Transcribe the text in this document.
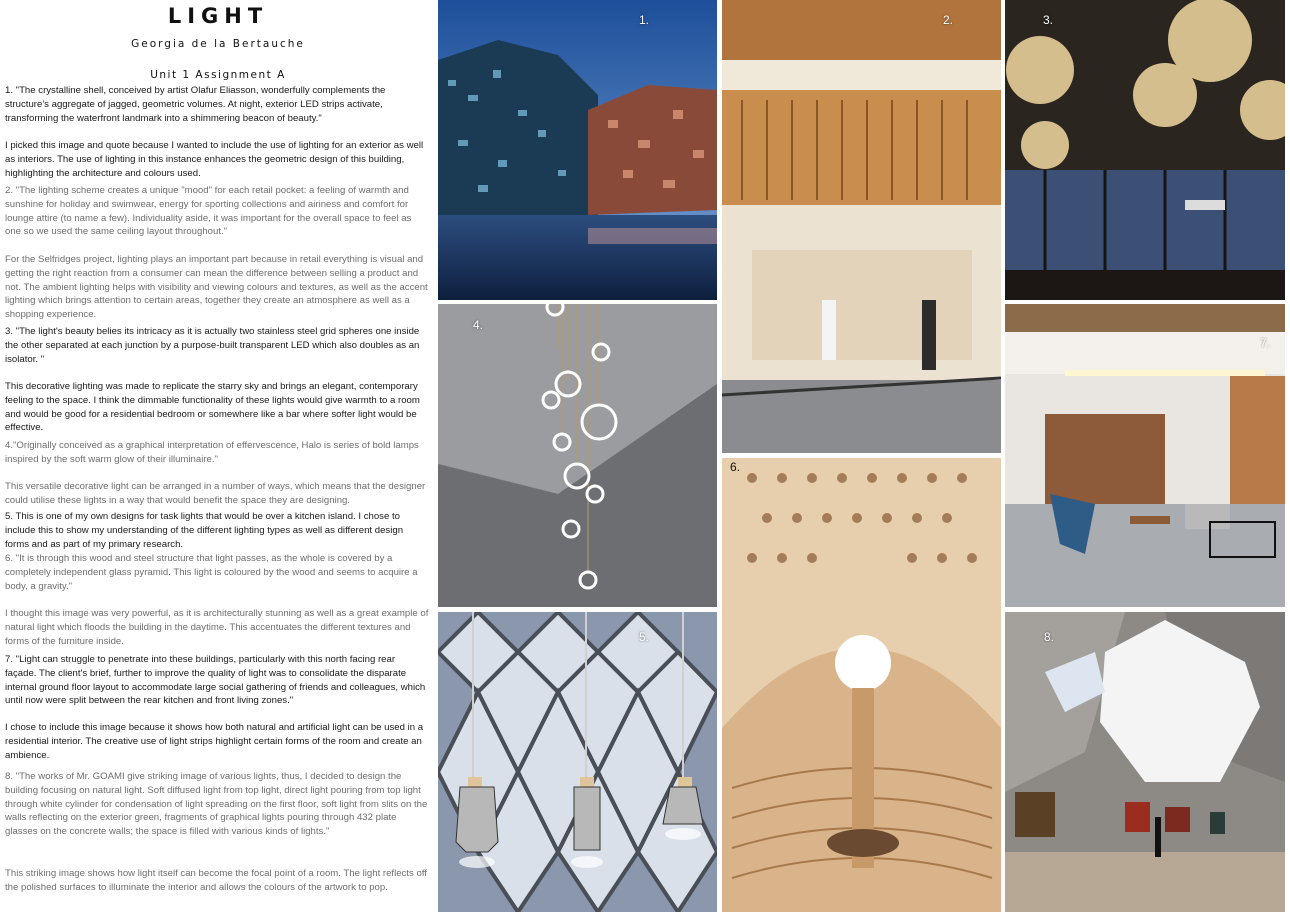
LIGHT
Georgia de la Bertauche
Unit 1 Assignment A

1. "The crystalline shell, conceived by artist Olafur Eliasson, wonderfully complements the structure's aggregate of jagged, geometric volumes. At night, exterior LED strips activate, transforming the waterfront landmark into a shimmering beacon of beauty."

I picked this image and quote because I wanted to include the use of lighting for an exterior as well as interiors. The use of lighting in this instance enhances the geometric design of this building, highlighting the architecture and colours used.

2. "The lighting scheme creates a unique "mood" for each retail pocket: a feeling of warmth and sunshine for holiday and swimwear, energy for sporting collections and airiness and comfort for lounge attire (to name a few). Individuality aside, it was important for the overall space to feel as one so we used the same ceiling layout throughout."

For the Selfridges project, lighting plays an important part because in retail everything is visual and getting the right reaction from a consumer can mean the difference between selling a product and not. The ambient lighting helps with visibility and viewing colours and textures, as well as the accent lighting which brings attention to certain areas, together they create an atmosphere as well as a shopping experience.

3. "The light's beauty belies its intricacy as it is actually two stainless steel grid spheres one inside the other separated at each junction by a purpose-built transparent LED which also doubles as an isolator. "

This decorative lighting was made to replicate the starry sky and brings an elegant, contemporary feeling to the space. I think the dimmable functionality of these lights would give warmth to a room and would be good for a residential bedroom or somewhere like a bar where softer light would be effective.

4."Originally conceived as a graphical interpretation of effervescence, Halo is series of bold lamps inspired by the soft warm glow of their illuminaire."

This versatile decorative light can be arranged in a number of ways, which means that the designer could utilise these lights in a way that would benefit the space they are designing.

5. This is one of my own designs for task lights that would be over a kitchen island. I chose to include this to show my understanding of the different lighting types as well as different design forms and as part of my primary research.

6. "It is through this wood and steel structure that light passes, as the whole is covered by a completely independent glass pyramid. This light is coloured by the wood and seems to acquire a body, a gravity."

I thought this image was very powerful, as it is architecturally stunning as well as a great example of natural light which floods the building in the daytime. This accentuates the different textures and forms of the furniture inside.

7. "Light can struggle to penetrate into these buildings, particularly with this north facing rear façade. The client's brief, further to improve the quality of light was to consolidate the disparate internal ground floor layout to accommodate large social gathering of friends and colleagues, which until now were split between the rear kitchen and front living zones."

I chose to include this image because it shows how both natural and artificial light can be used in a residential interior. The creative use of light strips highlight certain forms of the room and create an ambience.

8. "The works of Mr. GOAMI give striking image of various lights, thus, I decided to design the building focusing on natural light. Soft diffused light from top light, direct light pouring from top light through white cylinder for condensation of light spreading on the first floor, soft light from slits on the walls reflecting on the exterior green, fragments of graphical lights pouring through 432 plate glasses on the concrete walls; the space is filled with various kinds of lights."

This striking image shows how light itself can become the focal point of a room. The light reflects off the polished surfaces to illuminate the interior and allows the colours of the artwork to pop.

1.	2.	3.
4.
5.
6.
7.
8.
